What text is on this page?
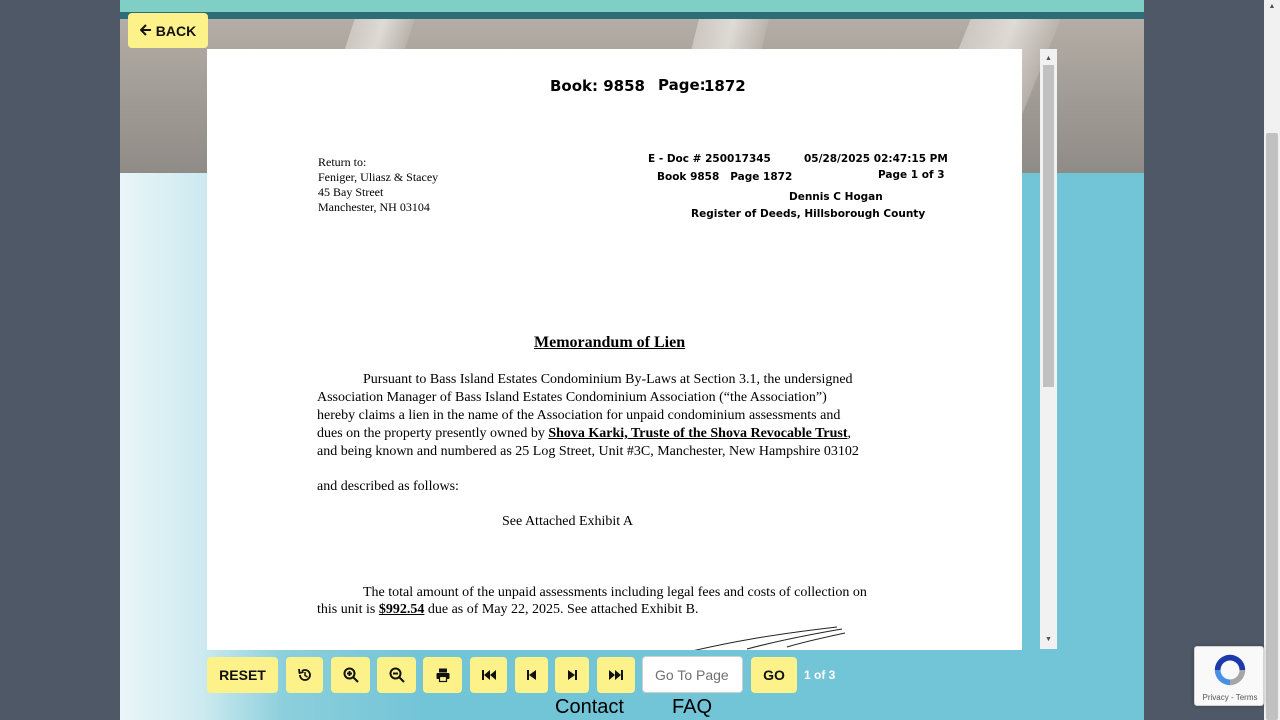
BACK
Book: 9858 Page:
1872
Return to:
Feniger, Uliasz & Stacey
45 Bay Street
Manchester, NH 03104
E - Doc # 250017345	05/28/2025 02:47:15 PM
Book 9858   Page 1872	Page 1 of 3
Dennis C Hogan
Register of Deeds, Hillsborough County
Memorandum of Lien
Pursuant to Bass Island Estates Condominium By-Laws at Section 3.1, the undersigned
Association Manager of Bass Island Estates Condominium Association (“the Association”)
hereby claims a lien in the name of the Association for unpaid condominium assessments and
dues on the property presently owned by Shova Karki, Truste of the Shova Revocable Trust,
and being known and numbered as 25 Log Street, Unit #3C, Manchester, New Hampshire 03102
and described as follows:
See Attached Exhibit A
The total amount of the unpaid assessments including legal fees and costs of collection on
this unit is $992.54 due as of May 22, 2025. See attached Exhibit B.
▲
▼
RESET
Go To Page	GO	1 of 3
Contact FAQ
▲
Privacy - Terms
